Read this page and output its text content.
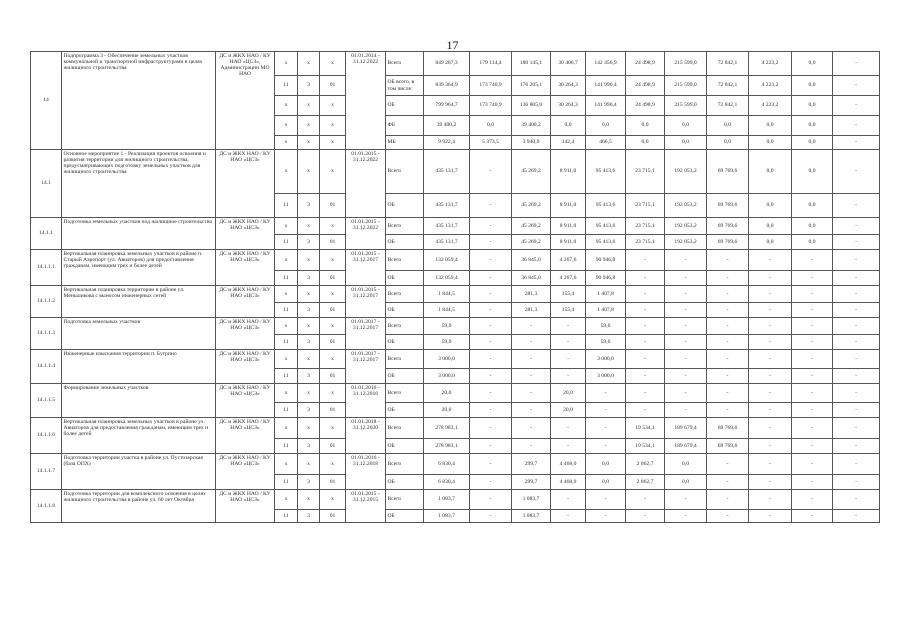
17
14	Подпрограмма 3 - Обеспечение земельных участков коммунальной и транспортной инфраструктурами в целях жилищного строительства	ДС и ЖКХ НАО / КУ НАО «ЦСЗ», Администрации МО НАО	х	х	х	01.01.2014 - 31.12.2022	Всего	849 287,3	179 114,4	180 145,1	30 406,7	142 456,9	24 498,9	215 599,0	72 842,1	4 223,2	0,0	-
			11	3	01		ОБ всего, в том числе:	839 364,9	173 740,9	176 205,1	30 264,3	141 990,4	24 498,9	215 599,0	72 842,1	4 223,2	0,0	-
			х	х	х		ОБ	799 964,7	173 740,9	136 805,0	30 264,3	141 990,4	24 498,9	215 599,0	72 842,1	4 223,2	0,0	-
			х	х	х		ФБ	39 400,2	0,0	39 400,2	0,0	0,0	0,0	0,0	0,0	0,0	0,0	-
			х	х	х		МБ	9 922,4	5 373,5	3 940,0	142,4	466,5	0,0	0,0	0,0	0,0	0,0	-
14.1	Основное мероприятие 1 - Реализация проектов освоения и развития территории для жилищного строительства, предусматривающих подготовку земельных участков для жилищного строительства	ДС и ЖКХ НАО / КУ НАО «ЦСЗ»	х	х	х	01.01.2015 - 31.12.2022	Всего	435 131,7	-	45 269,2	8 911,0	95 413,6	23 715,1	192 053,2	69 769,6	0,0	0,0	-
			11	3	01		ОБ	435 131,7	-	45 269,2	8 911,0	95 413,6	23 715,1	192 053,2	69 769,6	0,0	0,0	-
14.1.1	Подготовка земельных участков под жилищное строительство	ДС и ЖКХ НАО / КУ НАО «ЦСЗ»	х	х	х	01.01.2015 - 31.12.2022	Всего	435 131,7	-	45 269,2	8 911,0	95 413,6	23 715,1	192 053,2	69 769,6	0,0	0,0	-
			11	3	01		ОБ	435 131,7	-	45 269,2	8 911,0	95 413,6	23 715,1	192 053,2	69 769,6	0,0	0,0	-
14.1.1.1	Вертикальная планировка земельных участков в районе п. Старый Аэропорт (ул. Авиаторов) для предоставления гражданам, имеющим трех и более детей	ДС и ЖКХ НАО / КУ НАО «ЦСЗ»	х	х	х	01.01.2015 - 31.12.2017	Всего	132 059,4	-	36 845,0	4 267,6	90 946,8	-	-	-	-	-	-
			11	3	01		ОБ	132 059,4	-	36 845,0	4 267,6	90 946,8	-	-	-	-	-	-
14.1.1.2	Вертикальная планировка территории в районе ул. Меньшикова с выносом инженерных сетей	ДС и ЖКХ НАО / КУ НАО «ЦСЗ»	х	х	х	01.01.2015 - 31.12.2017	Всего	1 844,5	-	281,3	155,4	1 407,8	-	-	-	-	-	-
			11	3	01		ОБ	1 844,5	-	281,3	155,4	1 407,8	-	-	-	-	-	-
14.1.1.3	Подготовка земельных участков	ДС и ЖКХ НАО / КУ НАО «ЦСЗ»	х	х	х	01.01.2017 - 31.12.2017	Всего	59,0	-	-	-	59,0	-	-	-	-	-	-
			11	3	01		ОБ	59,0	-	-	-	59,0	-	-	-	-	-	-
14.1.1.4	Инженерные изыскания территории п. Бугрино	ДС и ЖКХ НАО / КУ НАО «ЦСЗ»	х	х	х	01.01.2017 - 31.12.2017	Всего	3 000,0	-	-	-	3 000,0	-	-	-	-	-	-
			11	3	01		ОБ	3 000,0	-	-	-	3 000,0	-	-	-	-	-	-
14.1.1.5	Формирование земельных участков	ДС и ЖКХ НАО / КУ НАО «ЦСЗ»	х	х	х	01.01.2016 - 31.12.2016	Всего	20,0	-	-	20,0	-	-	-	-	-	-	-
			11	3	01		ОБ	20,0	-	-	20,0	-	-	-	-	-	-	-
14.1.1.6	Вертикальная планировка земельных участков в районе ул. Авиаторов для предоставления гражданам, имеющим трех и более детей	ДС и ЖКХ НАО / КУ НАО «ЦСЗ»	х	х	х	01.01.2018 - 31.12.2020	Всего	278 983,1	-	-	-	-	19 534,1	189 679,4	69 769,6	-	-	-
			11	3	01		ОБ	278 983,1	-	-	-	-	19 534,1	189 679,4	69 769,6	-	-	-
14.1.1.7	Подготовка территории участка в районе ул. Пустозерская (база ОПХ)	ДС и ЖКХ НАО / КУ НАО «ЦСЗ»	х	х	х	01.01.2016 - 31.12.2018	Всего	6 830,4	-	299,7	4 468,0	0,0	2 062,7	0,0	-	-	-	-
			11	3	01		ОБ	6 830,4	-	299,7	4 468,0	0,0	2 062,7	0,0	-	-	-	-
14.1.1.8	Подготовка территории для комплексного освоения в целях жилищного строительства в районе ул. 60 лет Октября	ДС и ЖКХ НАО / КУ НАО «ЦСЗ»	х	х	х	01.01.2015 - 31.12.2015	Всего	1 083,7	-	1 083,7	-	-	-	-	-	-	-	-
			11	3	01		ОБ	1 083,7	-	1 083,7	-	-	-	-	-	-	-	-
